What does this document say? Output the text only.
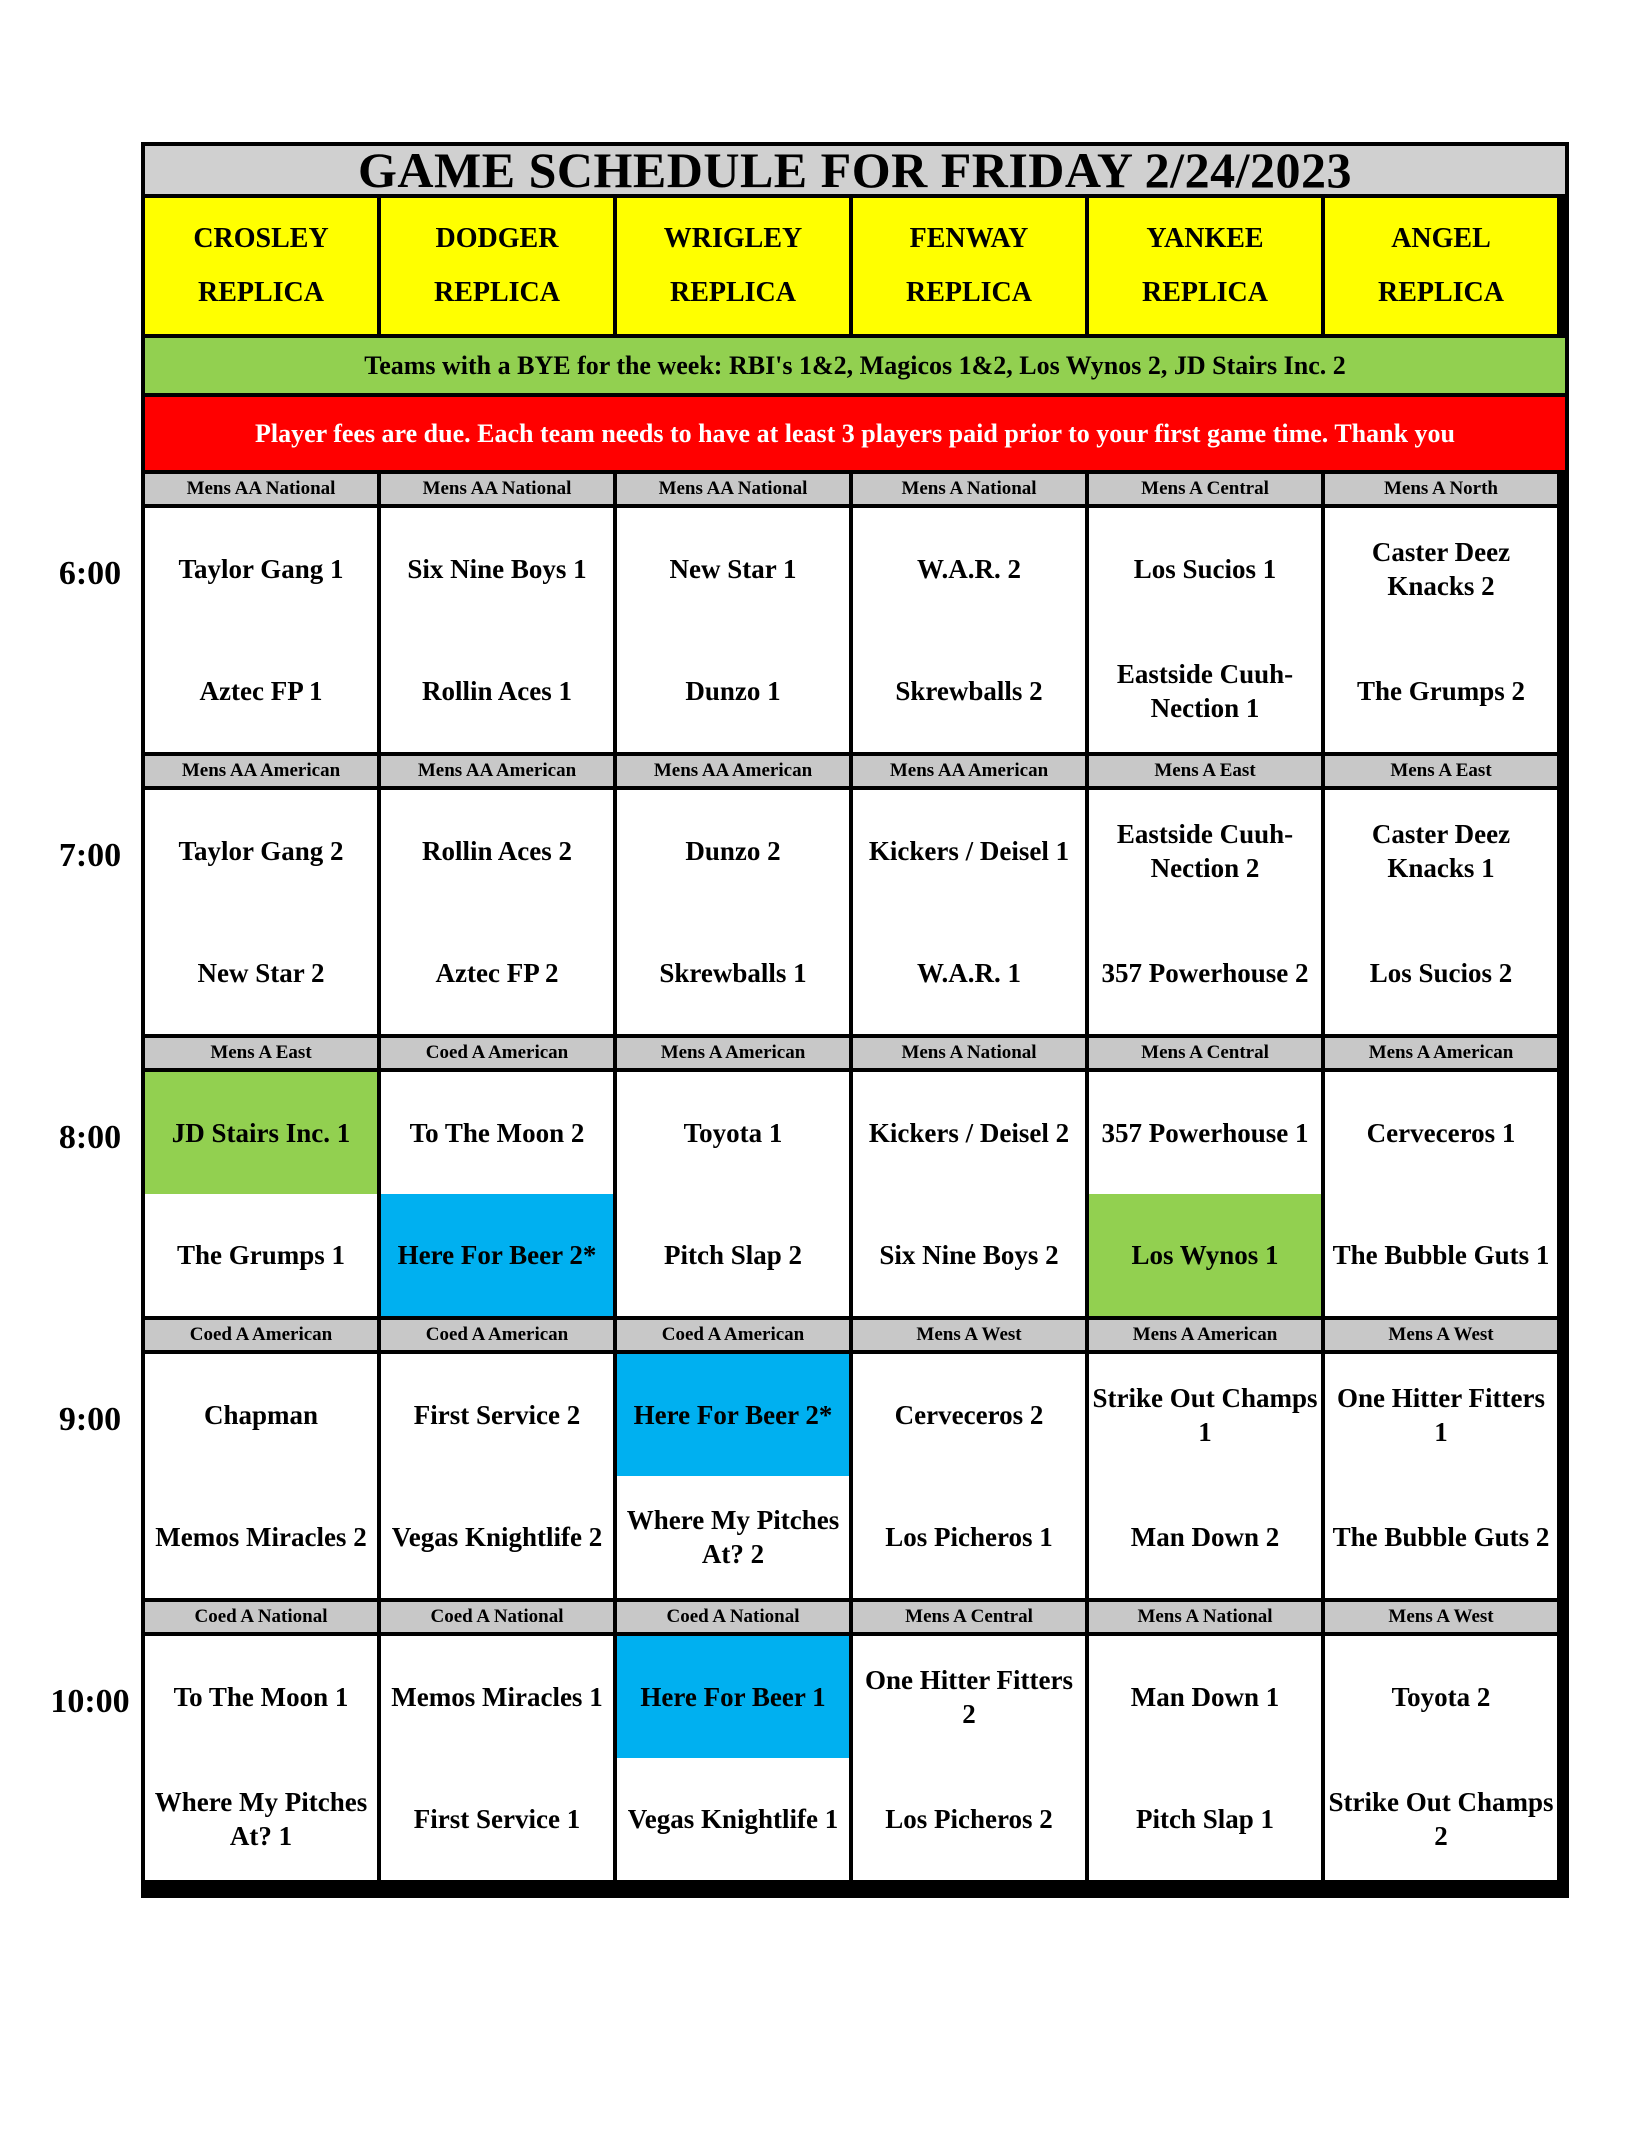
GAME SCHEDULE FOR FRIDAY 2/24/2023
CROSLEY
REPLICA
DODGER
REPLICA
WRIGLEY
REPLICA
FENWAY
REPLICA
YANKEE
REPLICA
ANGEL
REPLICA
Teams with a BYE for the week: RBI's 1&2, Magicos 1&2, Los Wynos 2, JD Stairs Inc. 2
Player fees are due. Each team needs to have at least 3 players paid prior to your first game time. Thank you
Mens AA National
Taylor Gang 1
Aztec FP 1
Mens AA National
Six Nine Boys 1
Rollin Aces 1
Mens AA National
New Star 1
Dunzo 1
Mens A National
W.A.R. 2
Skrewballs 2
Mens A Central
Los Sucios 1
Eastside Cuuh-Nection 1
Mens A North
Caster Deez Knacks 2
The Grumps 2
Mens AA American
Taylor Gang 2
New Star 2
Mens AA American
Rollin Aces 2
Aztec FP 2
Mens AA American
Dunzo 2
Skrewballs 1
Mens AA American
Kickers / Deisel 1
W.A.R. 1
Mens A East
Eastside Cuuh-Nection 2
357 Powerhouse 2
Mens A East
Caster Deez Knacks 1
Los Sucios 2
Mens A East
JD Stairs Inc. 1
The Grumps 1
Coed A American
To The Moon 2
Here For Beer 2*
Mens A American
Toyota 1
Pitch Slap 2
Mens A National
Kickers / Deisel 2
Six Nine Boys 2
Mens A Central
357 Powerhouse 1
Los Wynos 1
Mens A American
Cerveceros 1
The Bubble Guts 1
Coed A American
Chapman
Memos Miracles 2
Coed A American
First Service 2
Vegas Knightlife 2
Coed A American
Here For Beer 2*
Where My Pitches At? 2
Mens A West
Cerveceros 2
Los Picheros 1
Mens A American
Strike Out Champs 1
Man Down 2
Mens A West
One Hitter Fitters 1
The Bubble Guts 2
Coed A National
To The Moon 1
Where My Pitches At? 1
Coed A National
Memos Miracles 1
First Service 1
Coed A National
Here For Beer 1
Vegas Knightlife 1
Mens A Central
One Hitter Fitters 2
Los Picheros 2
Mens A National
Man Down 1
Pitch Slap 1
Mens A West
Toyota 2
Strike Out Champs 2
6:00
7:00
8:00
9:00
10:00
